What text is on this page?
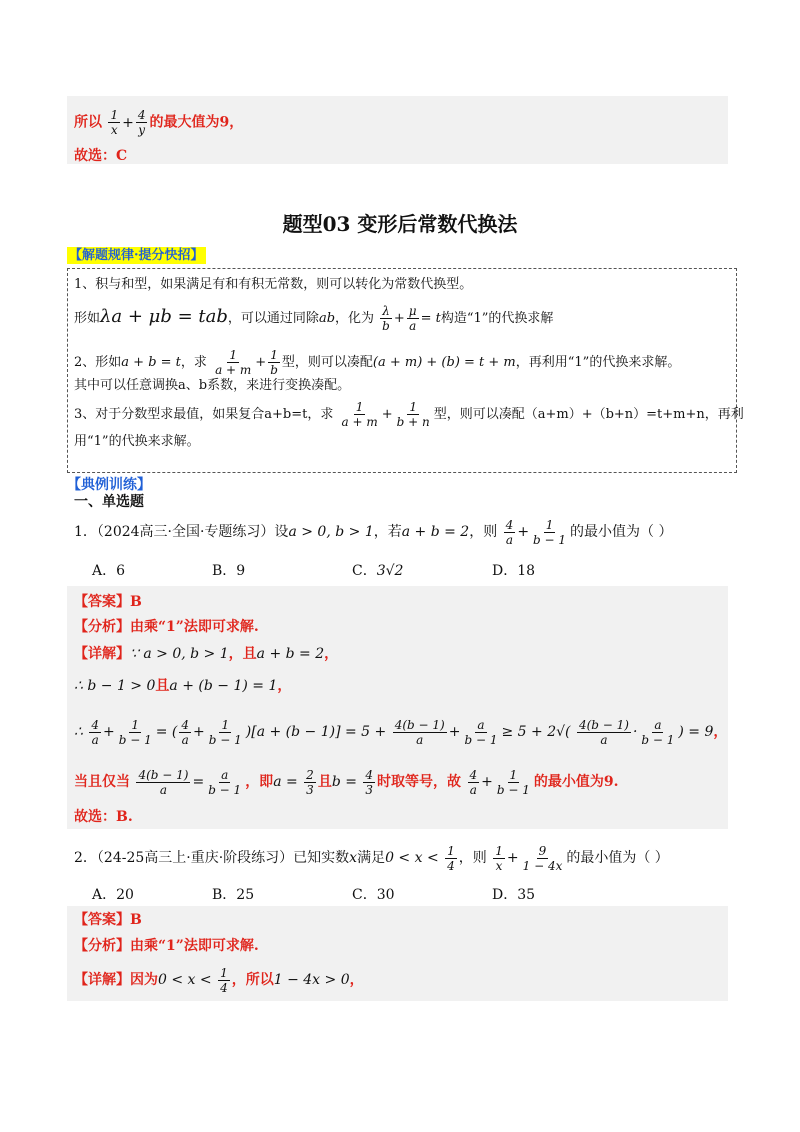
所以 $\frac{1}{x} + \frac{4}{y}$ 的最大值为9，
故选：C
题型03 变形后常数代换法
【解题规律·提分快招】
1、积与和型，如果满足有和有积无常数，则可以转化为常数代换型。
形如λa + μb = tab，可以通过同除ab，化为 $\frac{\lambda}{b} + \frac{\mu}{a} = t$构造“1”的代换求解
2、形如a + b = t，求 $\frac{1}{a + m} + \frac{1}{b}$ 型，则可以凑配(a + m) + (b) = t + m，再利用“1”的代换来求解。
其中可以任意调换a、b系数，来进行变换凑配。
3、对于分数型求最值，如果复合a+b=t，求 $\frac{1}{a + m} + \frac{1}{b + n}$ 型，则可以凑配（a+m）+（b+n）=t+m+n，再利
用“1”的代换来求解。
【典例训练】
一、单选题
1．（2024高三·全国·专题练习）设a > 0, b > 1，若a + b = 2，则 $\frac{4}{a} + \frac{1}{b - 1}$ 的最小值为（ ）
A．6	B．9	C．3√2	D．18
【答案】B
【分析】由乘“1”法即可求解.
【详解】∵ a > 0, b > 1，且a + b = 2，
∴ b − 1 > 0且a + (b − 1) = 1，
∴ $\frac{4}{a} + \frac{1}{b - 1}$ = ( $\frac{4}{a} + \frac{1}{b - 1} )[a + (b - 1)] = 5 + \frac{4(b - 1)}{a} + \frac{a}{b - 1} \ge 5 + 2√( \frac{4(b - 1)}{a} \cdot \frac{a}{b - 1}$ ) = 9，
当且仅当 $\frac{4(b - 1)}{a} = \frac{a}{b - 1}$ ，即$a = \frac{2}{3}$ 且$b = \frac{4}{3}$ 时取等号，故 $\frac{4}{a} + \frac{1}{b - 1}$ 的最小值为9.
故选：B.
2．（24-25高三上·重庆·阶段练习）已知实数x满足$0 < x < \frac{1}{4}$ ，则 $\frac{1}{x} + \frac{9}{1 - 4x}$ 的最小值为（ ）
A．20	B．25	C．30	D．35
【答案】B
【分析】由乘“1”法即可求解.
【详解】因为$0 < x < \frac{1}{4}$ ，所以1 − 4x > 0，
